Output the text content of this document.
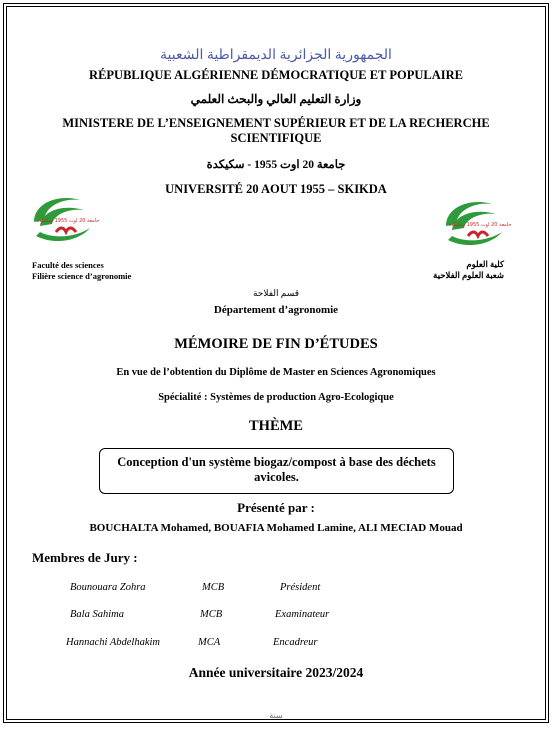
الجمهورية الجزائرية الديمقراطية الشعبية
RÉPUBLIQUE ALGÉRIENNE DÉMOCRATIQUE ET POPULAIRE
وزارة التعليم العالي والبحث العلمي
MINISTERE DE L’ENSEIGNEMENT SUPÉRIEUR ET DE LA RECHERCHE SCIENTIFIQUE
جامعة 20 اوت 1955 - سكيكدة
UNIVERSITÉ 20 AOUT 1955 – SKIKDA
جامعة 20 اوت 1955 سكيكدة
جامعة 20 اوت 1955 سكيكدة
Faculté des sciences
Filière science d’agronomie
كلية العلوم
شعبة العلوم الفلاحية
قسم الفلاحة
Département d’agronomie
MÉMOIRE DE FIN D’ÉTUDES
En vue de l’obtention du Diplôme de Master en Sciences Agronomiques
Spécialité : Systèmes de production Agro-Ecologique
THÈME
Conception d'un système biogaz/compost à base des déchets avicoles.
Présenté par :
BOUCHALTA Mohamed, BOUAFIA Mohamed Lamine, ALI MECIAD Mouad
Membres de Jury :
Bounouara Zohra	MCB	Président
Bala Sahima	MCB	Examinateur
Hannachi Abdelhakim	MCA	Encadreur
Année universitaire 2023/2024
سنة
